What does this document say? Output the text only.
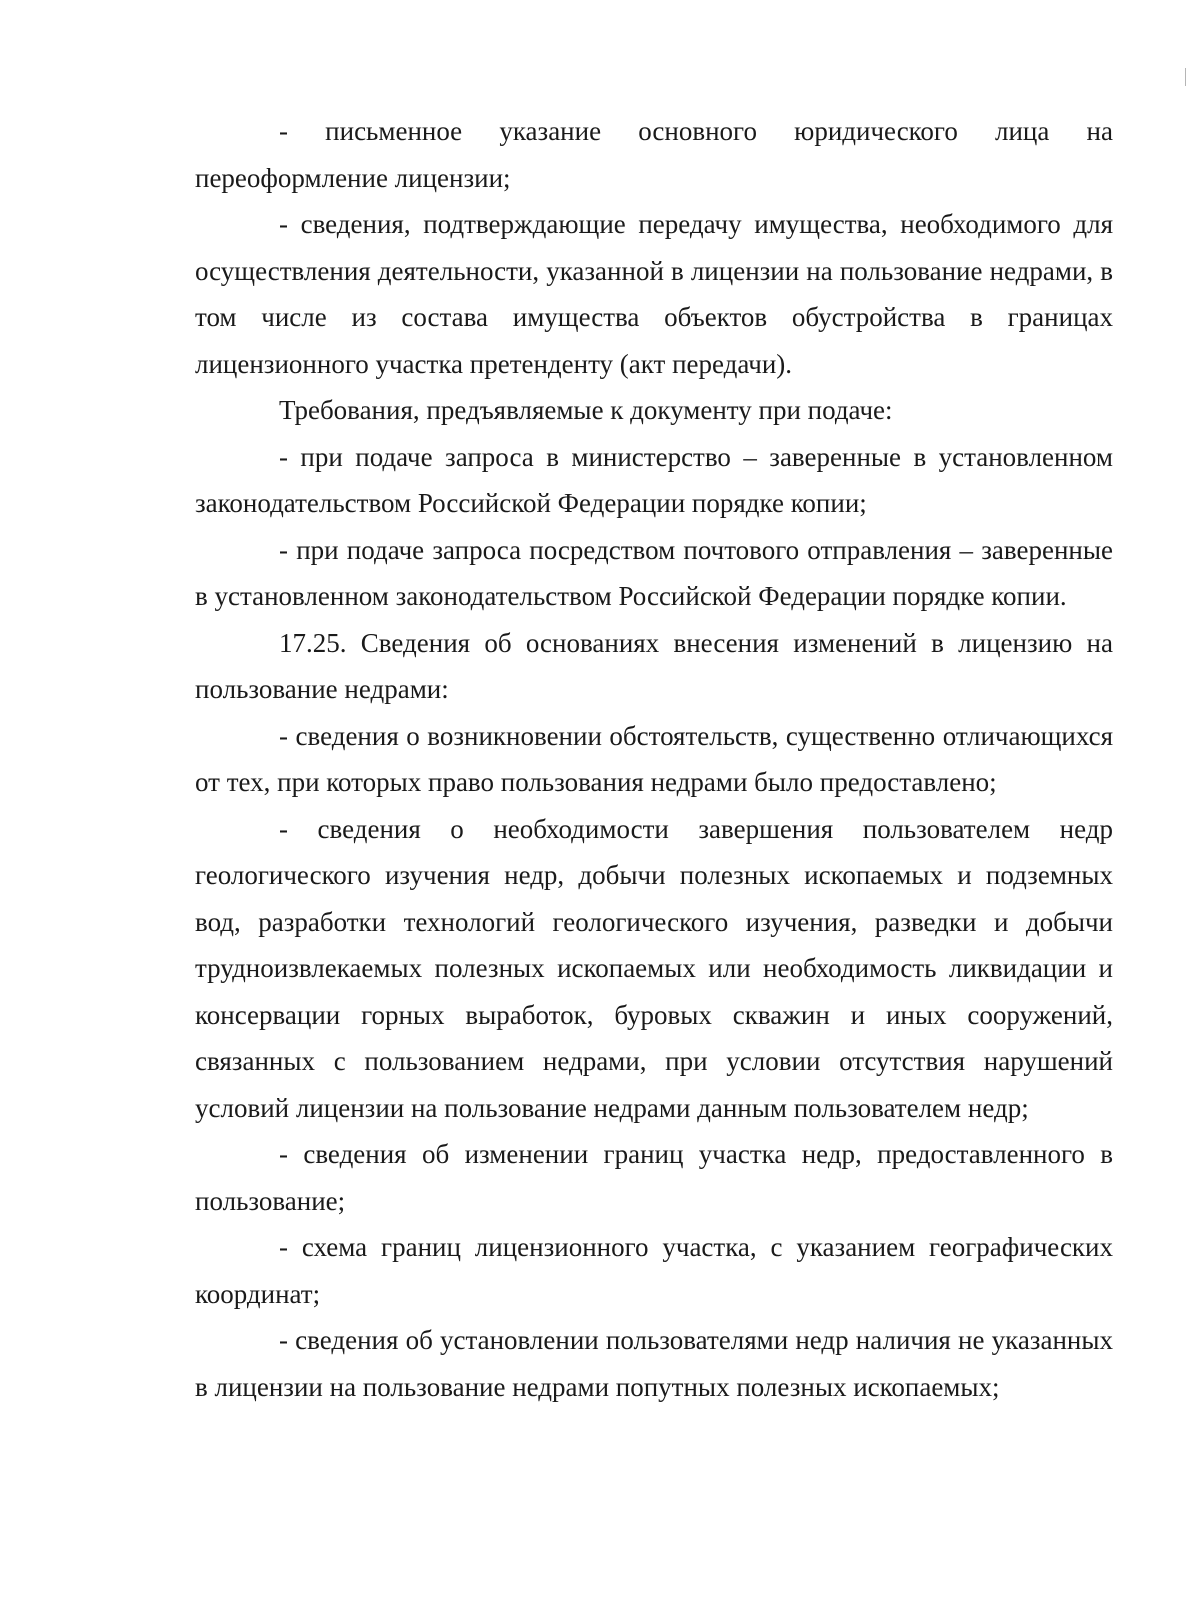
- письменное указание основного юридического лица на переоформление лицензии;

- сведения, подтверждающие передачу имущества, необходимого для осуществления деятельности, указанной в лицензии на пользование недрами, в том числе из состава имущества объектов обустройства в границах лицензионного участка претенденту (акт передачи).

Требования, предъявляемые к документу при подаче:

- при подаче запроса в министерство – заверенные в установленном законодательством Российской Федерации порядке копии;

- при подаче запроса посредством почтового отправления – заверенные в установленном законодательством Российской Федерации порядке копии.

17.25. Сведения об основаниях внесения изменений в лицензию на пользование недрами:

- сведения о возникновении обстоятельств, существенно отличающихся от тех, при которых право пользования недрами было предоставлено;

- сведения о необходимости завершения пользователем недр геологического изучения недр, добычи полезных ископаемых и подземных вод, разработки технологий геологического изучения, разведки и добычи трудноизвлекаемых полезных ископаемых или необходимость ликвидации и консервации горных выработок, буровых скважин и иных сооружений, связанных с пользованием недрами, при условии отсутствия нарушений условий лицензии на пользование недрами данным пользователем недр;

- сведения об изменении границ участка недр, предоставленного в пользование;

- схема границ лицензионного участка, с указанием географических координат;

- сведения об установлении пользователями недр наличия не указанных в лицензии на пользование недрами попутных полезных ископаемых;
